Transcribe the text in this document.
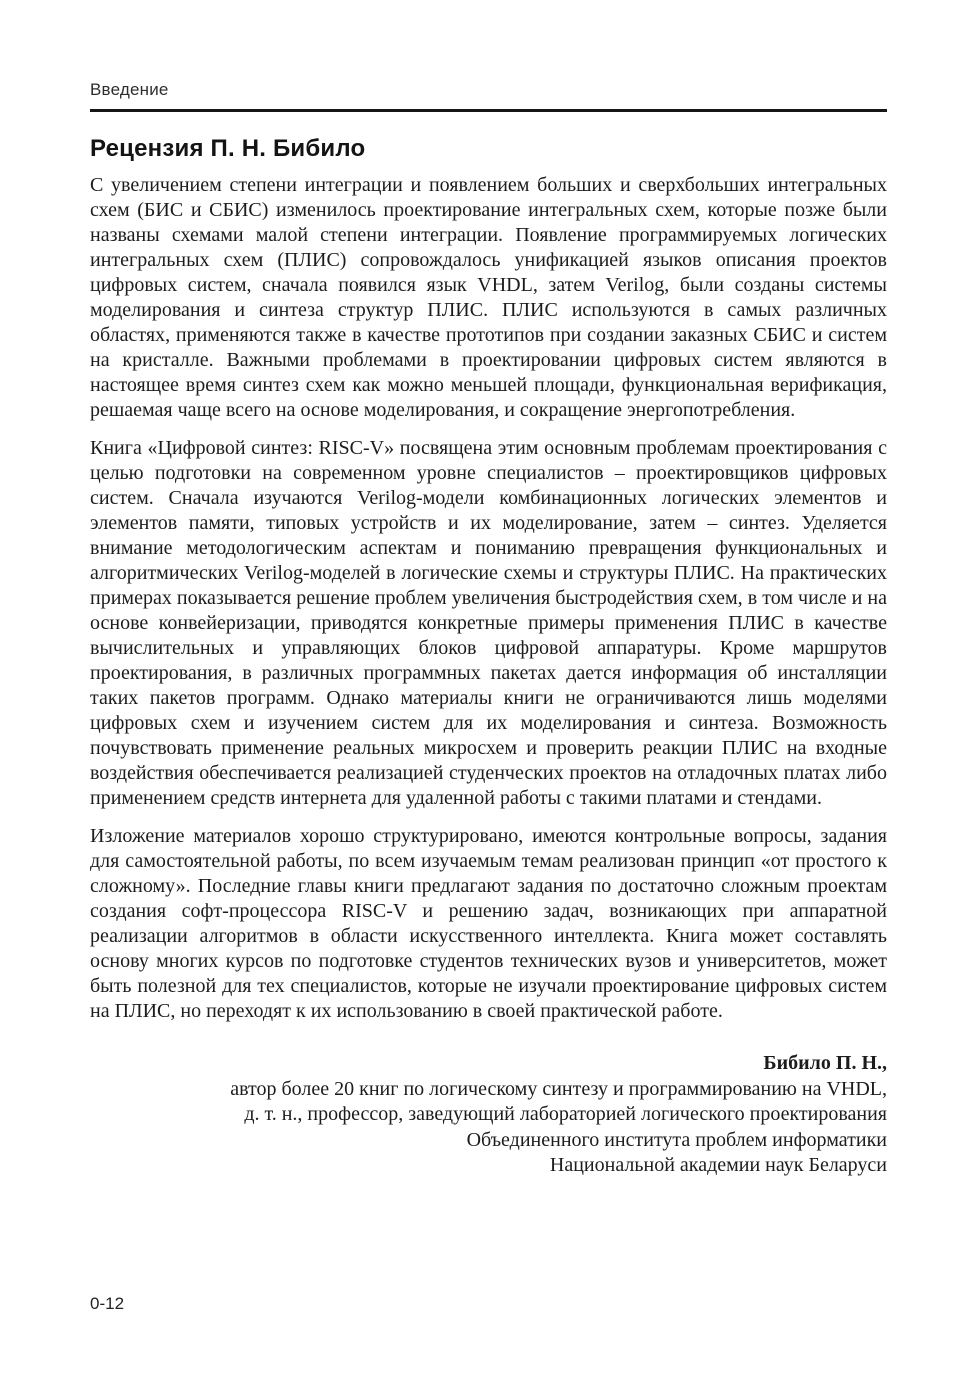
Введение
Рецензия П. Н. Бибило

С увеличением степени интеграции и появлением больших и сверхбольших интегральных схем (БИС и СБИС) изменилось проектирование интегральных схем, которые позже были названы схемами малой степени интеграции. Появление программируемых логических интегральных схем (ПЛИС) сопровождалось унификацией языков описания проектов цифровых систем, сначала появился язык VHDL, затем Verilog, были созданы системы моделирования и синтеза структур ПЛИС. ПЛИС используются в самых различных областях, применяются также в качестве прототипов при создании заказных СБИС и систем на кристалле. Важными проблемами в проектировании цифровых систем являются в настоящее время синтез схем как можно меньшей площади, функциональная верификация, решаемая чаще всего на основе моделирования, и сокращение энергопотребления.

Книга «Цифровой синтез: RISC-V» посвящена этим основным проблемам проектирования с целью подготовки на современном уровне специалистов – проектировщиков цифровых систем. Сначала изучаются Verilog-модели комбинационных логических элементов и элементов памяти, типовых устройств и их моделирование, затем – синтез. Уделяется внимание методологическим аспектам и пониманию превращения функциональных и алгоритмических Verilog-моделей в логические схемы и структуры ПЛИС. На практических примерах показывается решение проблем увеличения быстродействия схем, в том числе и на основе конвейеризации, приводятся конкретные примеры применения ПЛИС в качестве вычислительных и управляющих блоков цифровой аппаратуры. Кроме маршрутов проектирования, в различных программных пакетах дается информация об инсталляции таких пакетов программ. Однако материалы книги не ограничиваются лишь моделями цифровых схем и изучением систем для их моделирования и синтеза. Возможность почувствовать применение реальных микросхем и проверить реакции ПЛИС на входные воздействия обеспечивается реализацией студенческих проектов на отладочных платах либо применением средств интернета для удаленной работы с такими платами и стендами.

Изложение материалов хорошо структурировано, имеются контрольные вопросы, задания для самостоятельной работы, по всем изучаемым темам реализован принцип «от простого к сложному». Последние главы книги предлагают задания по достаточно сложным проектам создания софт-процессора RISC-V и решению задач, возникающих при аппаратной реализации алгоритмов в области искусственного интеллекта. Книга может составлять основу многих курсов по подготовке студентов технических вузов и университетов, может быть полезной для тех специалистов, которые не изучали проектирование цифровых систем на ПЛИС, но переходят к их использованию в своей практической работе.

Бибило П. Н.,
автор более 20 книг по логическому синтезу и программированию на VHDL,
д. т. н., профессор, заведующий лабораторией логического проектирования
Объединенного института проблем информатики
Национальной академии наук Беларуси
0-12
